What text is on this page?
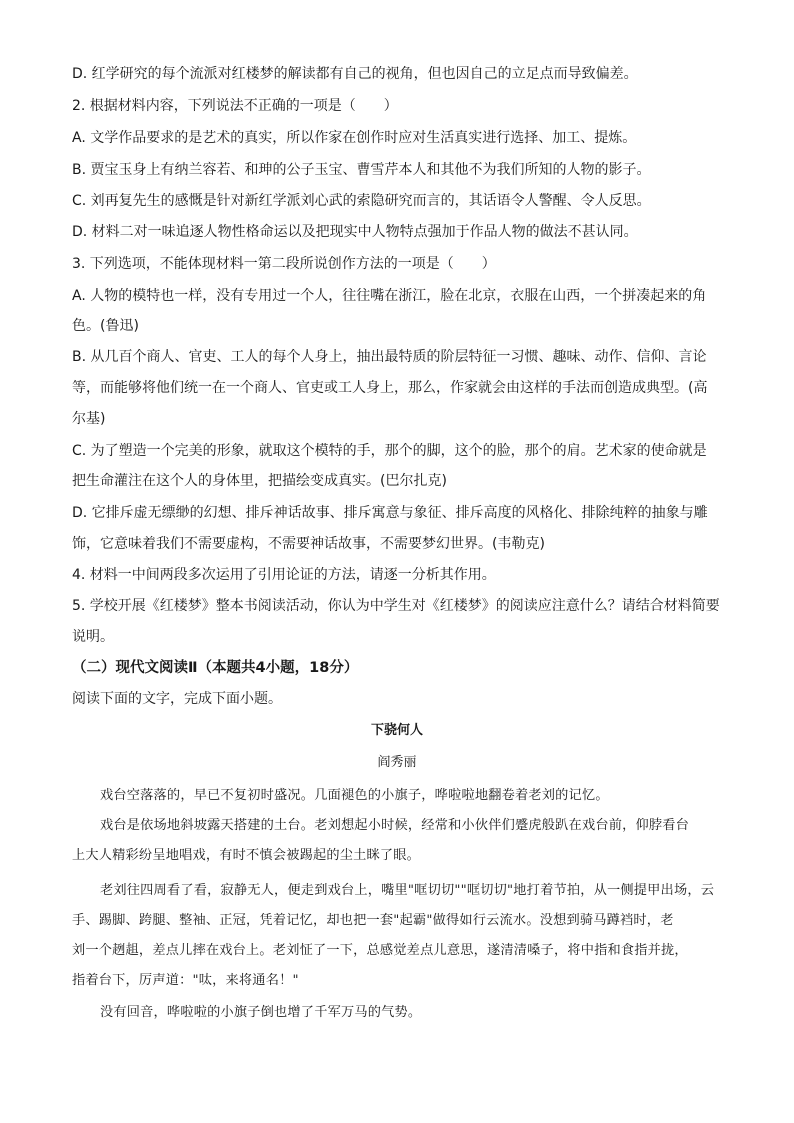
D. 红学研究的每个流派对红楼梦的解读都有自己的视角，但也因自己的立足点而导致偏差。
2. 根据材料内容，下列说法不正确的一项是（　　）
A. 文学作品要求的是艺术的真实，所以作家在创作时应对生活真实进行选择、加工、提炼。
B. 贾宝玉身上有纳兰容若、和珅的公子玉宝、曹雪芹本人和其他不为我们所知的人物的影子。
C. 刘再复先生的感慨是针对新红学派刘心武的索隐研究而言的，其话语令人警醒、令人反思。
D. 材料二对一味追逐人物性格命运以及把现实中人物特点强加于作品人物的做法不甚认同。
3. 下列选项，不能体现材料一第二段所说创作方法的一项是（　　）
A. 人物的模特也一样，没有专用过一个人，往往嘴在浙江，脸在北京，衣服在山西，一个拼凑起来的角
色。(鲁迅)
B. 从几百个商人、官吏、工人的每个人身上，抽出最特质的阶层特征一习惯、趣味、动作、信仰、言论
等，而能够将他们统一在一个商人、官吏或工人身上，那么，作家就会由这样的手法而创造成典型。(高
尔基)
C. 为了塑造一个完美的形象，就取这个模特的手，那个的脚，这个的脸，那个的肩。艺术家的使命就是
把生命灌注在这个人的身体里，把描绘变成真实。(巴尔扎克)
D. 它排斥虚无缥缈的幻想、排斥神话故事、排斥寓意与象征、排斥高度的风格化、排除纯粹的抽象与雕
饰，它意味着我们不需要虚构，不需要神话故事，不需要梦幻世界。(韦勒克)
4. 材料一中间两段多次运用了引用论证的方法，请逐一分析其作用。
5. 学校开展《红楼梦》整本书阅读活动，你认为中学生对《红楼梦》的阅读应注意什么？请结合材料简要
说明。
（二）现代文阅读Ⅱ（本题共4小题，18分）
阅读下面的文字，完成下面小题。
下骁何人
阎秀丽
戏台空落落的，早已不复初时盛况。几面褪色的小旗子，哗啦啦地翻卷着老刘的记忆。
戏台是依场地斜坡露天搭建的土台。老刘想起小时候，经常和小伙伴们蹙虎般趴在戏台前，仰脖看台
上大人精彩纷呈地唱戏，有时不慎会被踢起的尘土眯了眼。
老刘往四周看了看，寂静无人，便走到戏台上，嘴里"哐切切""哐切切"地打着节拍，从一侧提甲出场，云
手、踢脚、跨腿、整袖、正冠，凭着记忆，却也把一套"起霸"做得如行云流水。没想到骑马蹲裆时，老
刘一个趔趄，差点儿摔在戏台上。老刘怔了一下，总感觉差点儿意思，遂清清嗓子，将中指和食指并拢，
指着台下，厉声道："呔，来将通名！"
没有回音，哗啦啦的小旗子倒也增了千军万马的气势。
